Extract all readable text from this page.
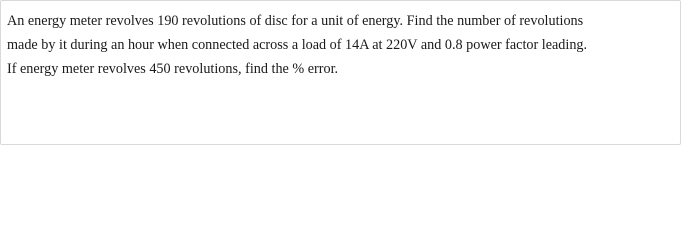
An energy meter revolves 190 revolutions of disc for a unit of energy. Find the number of revolutions
made by it during an hour when connected across a load of 14A at 220V and 0.8 power factor leading.
If energy meter revolves 450 revolutions, find the % error.
